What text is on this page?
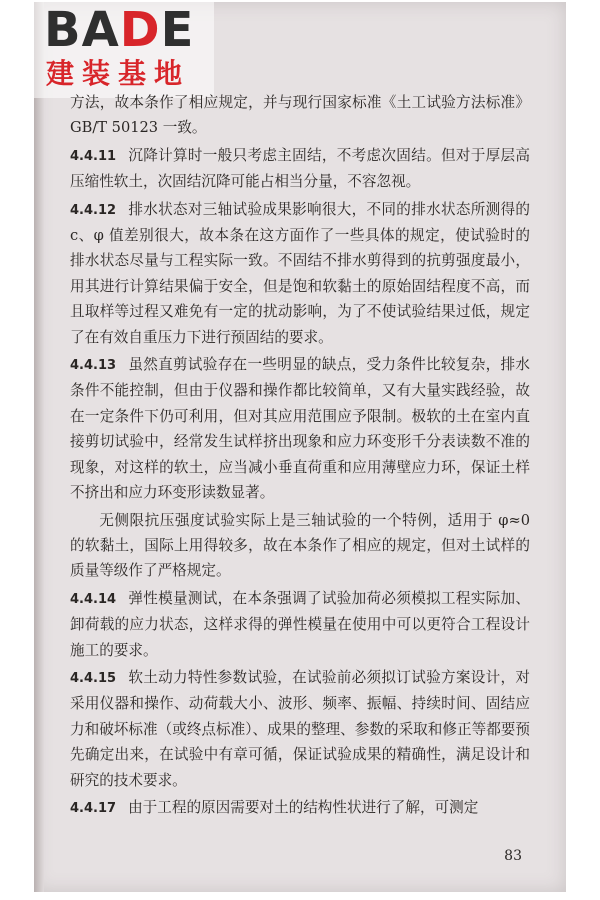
BADE
建装基地

方法，故本条作了相应规定，并与现行国家标准《土工试验方法标准》GB/T 50123 一致。

4.4.11 沉降计算时一般只考虑主固结，不考虑次固结。但对于厚层高压缩性软土，次固结沉降可能占相当分量，不容忽视。

4.4.12 排水状态对三轴试验成果影响很大，不同的排水状态所测得的 c、φ 值差别很大，故本条在这方面作了一些具体的规定，使试验时的排水状态尽量与工程实际一致。不固结不排水剪得到的抗剪强度最小，用其进行计算结果偏于安全，但是饱和软黏土的原始固结程度不高，而且取样等过程又难免有一定的扰动影响，为了不使试验结果过低，规定了在有效自重压力下进行预固结的要求。

4.4.13 虽然直剪试验存在一些明显的缺点，受力条件比较复杂，排水条件不能控制，但由于仪器和操作都比较简单，又有大量实践经验，故在一定条件下仍可利用，但对其应用范围应予限制。极软的土在室内直接剪切试验中，经常发生试样挤出现象和应力环变形千分表读数不准的现象，对这样的软土，应当减小垂直荷重和应用薄壁应力环，保证土样不挤出和应力环变形读数显著。

无侧限抗压强度试验实际上是三轴试验的一个特例，适用于 φ≈0 的软黏土，国际上用得较多，故在本条作了相应的规定，但对土试样的质量等级作了严格规定。

4.4.14 弹性模量测试，在本条强调了试验加荷必须模拟工程实际加、卸荷载的应力状态，这样求得的弹性模量在使用中可以更符合工程设计施工的要求。

4.4.15 软土动力特性参数试验，在试验前必须拟订试验方案设计，对采用仪器和操作、动荷载大小、波形、频率、振幅、持续时间、固结应力和破坏标准（或终点标准）、成果的整理、参数的采取和修正等都要预先确定出来，在试验中有章可循，保证试验成果的精确性，满足设计和研究的技术要求。

4.4.17 由于工程的原因需要对土的结构性状进行了解，可测定

83
